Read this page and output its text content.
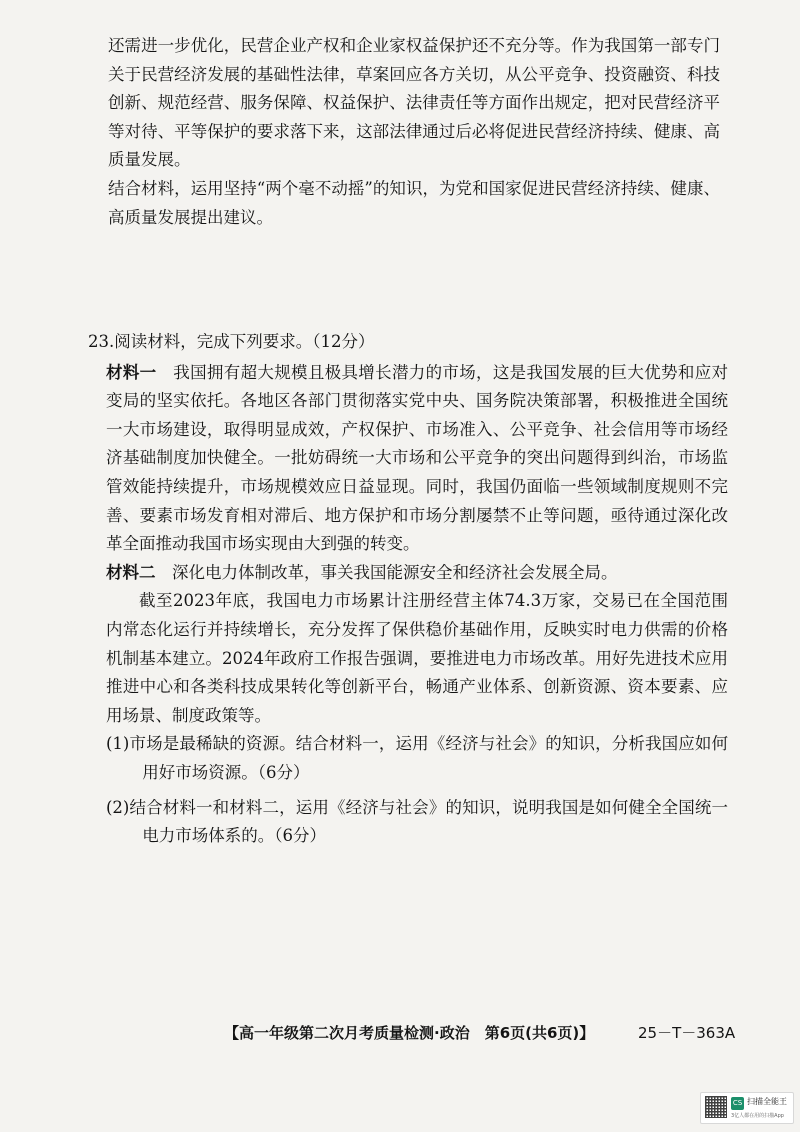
还需进一步优化，民营企业产权和企业家权益保护还不充分等。作为我国第一部专门关于民营经济发展的基础性法律，草案回应各方关切，从公平竞争、投资融资、科技创新、规范经营、服务保障、权益保护、法律责任等方面作出规定，把对民营经济平等对待、平等保护的要求落下来，这部法律通过后必将促进民营经济持续、健康、高质量发展。

结合材料，运用坚持“两个毫不动摇”的知识，为党和国家促进民营经济持续、健康、高质量发展提出建议。

23.阅读材料，完成下列要求。（12分）

材料一　 我国拥有超大规模且极具增长潜力的市场，这是我国发展的巨大优势和应对变局的坚实依托。各地区各部门贯彻落实党中央、国务院决策部署，积极推进全国统一大市场建设，取得明显成效，产权保护、市场准入、公平竞争、社会信用等市场经济基础制度加快健全。一批妨碍统一大市场和公平竞争的突出问题得到纠治，市场监管效能持续提升，市场规模效应日益显现。同时，我国仍面临一些领域制度规则不完善、要素市场发育相对滞后、地方保护和市场分割屡禁不止等问题，亟待通过深化改革全面推动我国市场实现由大到强的转变。

材料二　 深化电力体制改革，事关我国能源安全和经济社会发展全局。

截至2023年底，我国电力市场累计注册经营主体74.3万家，交易已在全国范围内常态化运行并持续增长，充分发挥了保供稳价基础作用，反映实时电力供需的价格机制基本建立。2024年政府工作报告强调，要推进电力市场改革。用好先进技术应用推进中心和各类科技成果转化等创新平台，畅通产业体系、创新资源、资本要素、应用场景、制度政策等。

(1)市场是最稀缺的资源。结合材料一，运用《经济与社会》的知识，分析我国应如何用好市场资源。（6分）

(2)结合材料一和材料二，运用《经济与社会》的知识，说明我国是如何健全全国统一电力市场体系的。（6分）

【高一年级第二次月考质量检测·政治　第6页(共6页)】	25－T－363A
CS 扫描全能王
3亿人都在用的扫描App
